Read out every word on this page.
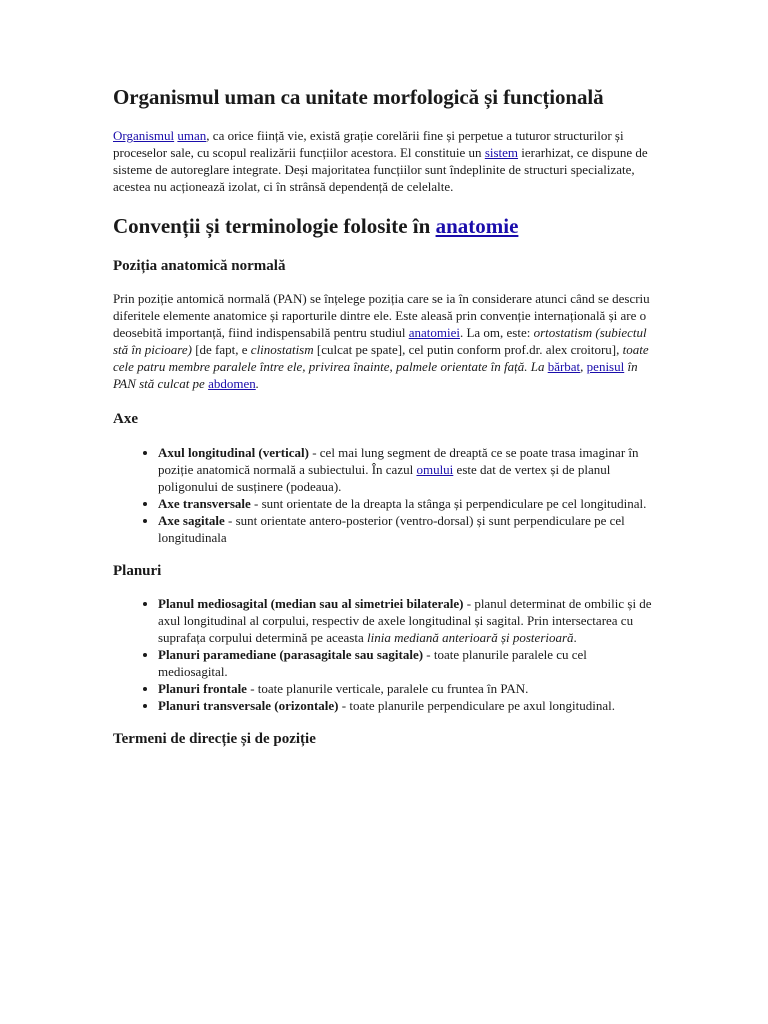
Organismul uman ca unitate morfologică și funcțională

Organismul uman, ca orice ființă vie, există grație corelării fine și perpetue a tuturor structurilor și proceselor sale, cu scopul realizării funcțiilor acestora. El constituie un sistem ierarhizat, ce dispune de sisteme de autoreglare integrate. Deși majoritatea funcțiilor sunt îndeplinite de structuri specializate, acestea nu acționează izolat, ci în strânsă dependență de celelalte.

Convenții și terminologie folosite în anatomie
Poziția anatomică normală

Prin poziție antomică normală (PAN) se înțelege poziția care se ia în considerare atunci când se descriu diferitele elemente anatomice și raporturile dintre ele. Este aleasă prin convenție internațională și are o deosebită importanță, fiind indispensabilă pentru studiul anatomiei. La om, este: ortostatism (subiectul stă în picioare) [de fapt, e clinostatism [culcat pe spate], cel putin conform prof.dr. alex croitoru], toate cele patru membre paralele între ele, privirea înainte, palmele orientate în față. La bărbat, penisul în PAN stă culcat pe abdomen.

Axe
• Axul longitudinal (vertical) - cel mai lung segment de dreaptă ce se poate trasa imaginar în poziție anatomică normală a subiectului. În cazul omului este dat de vertex și de planul poligonului de susținere (podeaua).
• Axe transversale - sunt orientate de la dreapta la stânga și perpendiculare pe cel longitudinal.
• Axe sagitale - sunt orientate antero-posterior (ventro-dorsal) și sunt perpendiculare pe cel longitudinala
Planuri
• Planul mediosagital (median sau al simetriei bilaterale) - planul determinat de ombilic și de axul longitudinal al corpului, respectiv de axele longitudinal și sagital. Prin intersectarea cu suprafața corpului determină pe aceasta linia mediană anterioară și posterioară.
• Planuri paramediane (parasagitale sau sagitale) - toate planurile paralele cu cel mediosagital.
• Planuri frontale - toate planurile verticale, paralele cu fruntea în PAN.
• Planuri transversale (orizontale) - toate planurile perpendiculare pe axul longitudinal.
Termeni de direcție și de poziție
